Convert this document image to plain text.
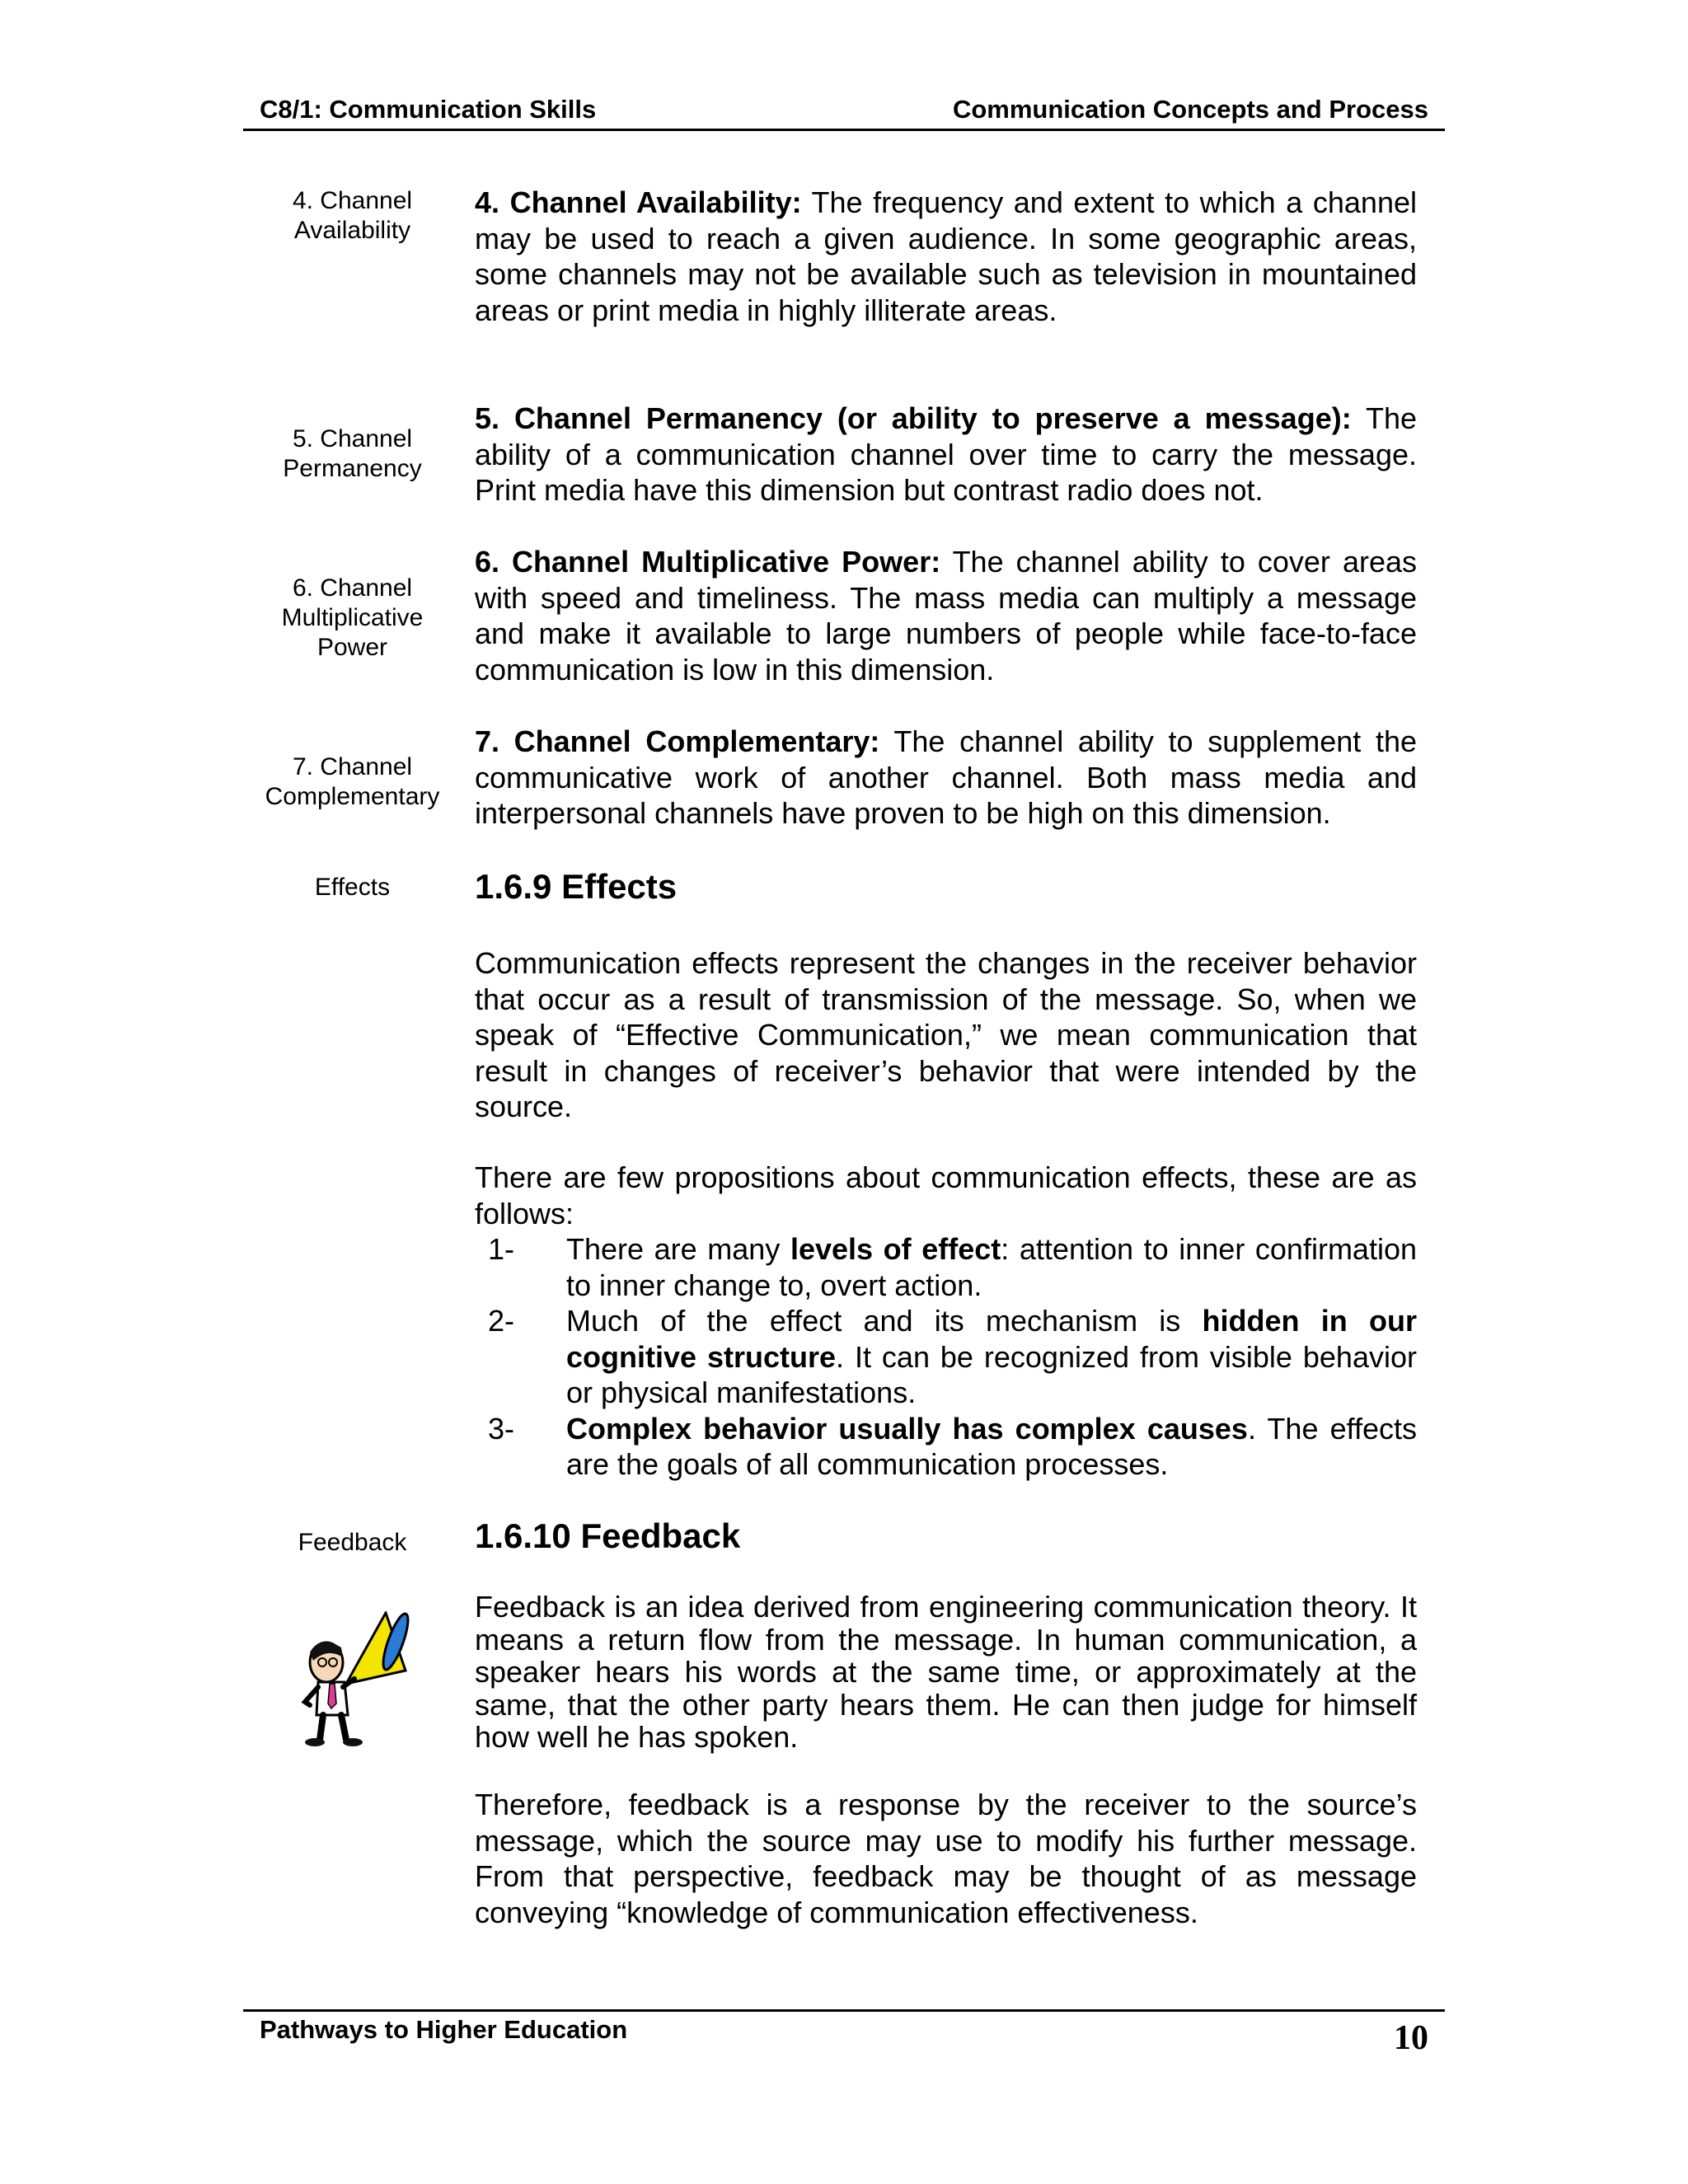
C8/1: Communication Skills	Communication Concepts and Process
4. Channel
Availability
5. Channel
Permanency
6. Channel
Multiplicative
Power
7. Channel
Complementary
Effects
Feedback

4. Channel Availability: The frequency and extent to which a channel may be used to reach a given audience. In some geographic areas, some channels may not be available such as television in mountained areas or print media in highly illiterate areas.

5. Channel Permanency (or ability to preserve a message): The ability of a communication channel over time to carry the message. Print media have this dimension but contrast radio does not.

6. Channel Multiplicative Power: The channel ability to cover areas with speed and timeliness. The mass media can multiply a message and make it available to large numbers of people while face-to-face communication is low in this dimension.

7. Channel Complementary: The channel ability to supplement the communicative work of another channel. Both mass media and interpersonal channels have proven to be high on this dimension.

1.6.9 Effects

Communication effects represent the changes in the receiver behavior that occur as a result of transmission of the message. So, when we speak of “Effective Communication,” we mean communication that result in changes of receiver’s behavior that were intended by the source.

There are few propositions about communication effects, these are as follows:

1- There are many levels of effect: attention to inner confirmation to inner change to, overt action.
2- Much of the effect and its mechanism is hidden in our cognitive structure. It can be recognized from visible behavior or physical manifestations.
3- Complex behavior usually has complex causes. The effects are the goals of all communication processes.
1.6.10 Feedback

Feedback is an idea derived from engineering communication theory. It means a return flow from the message. In human communication, a speaker hears his words at the same time, or approximately at the same, that the other party hears them. He can then judge for himself how well he has spoken.

Therefore, feedback is a response by the receiver to the source’s message, which the source may use to modify his further message. From that perspective, feedback may be thought of as message conveying “knowledge of communication effectiveness.

Pathways to Higher Education	10
